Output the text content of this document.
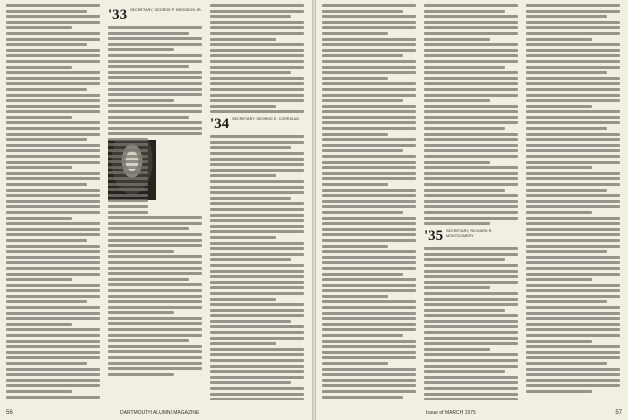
'33 SECRETARY, GEORGE P. BRONSON JR.
'34 SECRETARY, GEORGE E. CORRIGAN
56	DARTMOUTH ALUMNI MAGAZINE
'35 SECRETARY, RICHARD R. MONTGOMERY
Issue of MARCH 1975	57
